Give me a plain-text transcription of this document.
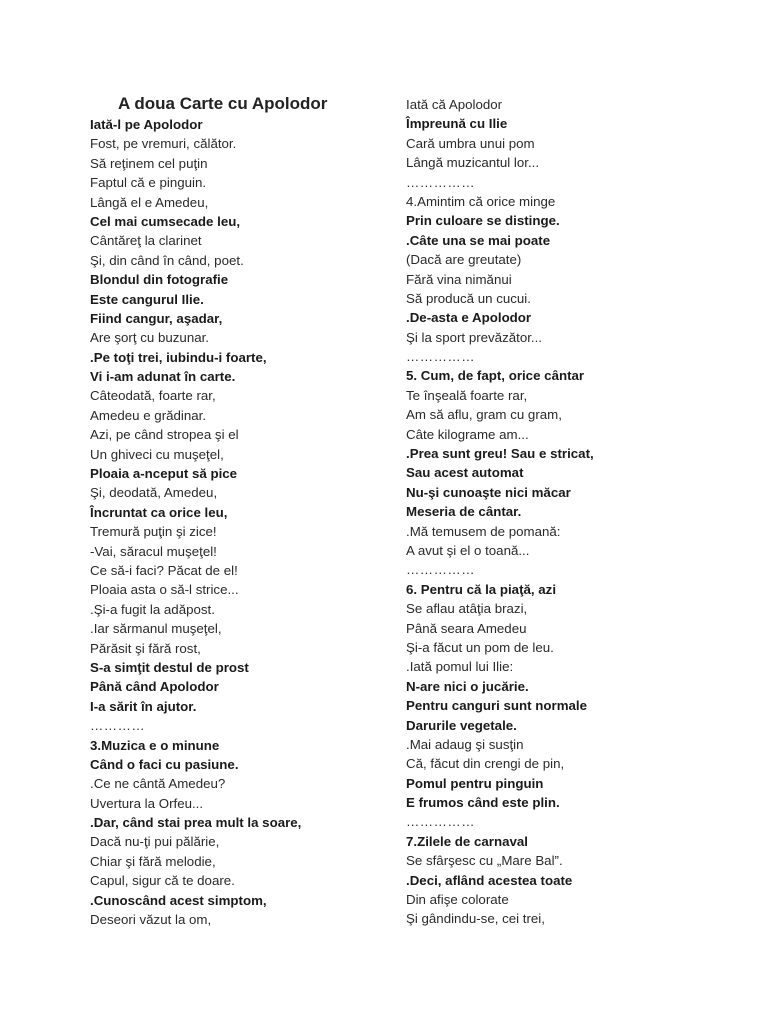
A doua Carte cu Apolodor
Iată-l pe Apolodor
Fost, pe vremuri, călător.
Să reţinem cel puţin
Faptul că e pinguin.
Lângă el e Amedeu,
Cel mai cumsecade leu,
Cântăreţ la clarinet
Şi, din când în când, poet.
Blondul din fotografie
Este cangurul Ilie.
Fiind cangur, aşadar,
Are şorţ cu buzunar.
.Pe toţi trei, iubindu-i foarte,
Vi i-am adunat în carte.
Câteodată, foarte rar,
Amedeu e grădinar.
Azi, pe când stropea şi el
Un ghiveci cu muşeţel,
Ploaia a-nceput să pice
Şi, deodată, Amedeu,
Încruntat ca orice leu,
Tremură puţin şi zice!
-Vai, săracul muşeţel!
Ce să-i faci? Păcat de el!
Ploaia asta o să-l strice...
.Şi-a fugit la adăpost.
.Iar sărmanul muşeţel,
Părăsit şi fără rost,
S-a simţit destul de prost
Până când Apolodor
I-a sărit în ajutor.
…………
3.Muzica e o minune
Când o faci cu pasiune.
.Ce ne cântă Amedeu?
Uvertura la Orfeu...
.Dar, când stai prea mult la soare,
Dacă nu-ţi pui pălărie,
Chiar şi fără melodie,
Capul, sigur că te doare.
.Cunoscând acest simptom,
Deseori văzut la om,
Iată că Apolodor
Împreună cu Ilie
Cară umbra unui pom
Lângă muzicantul lor...
……………
4.Amintim că orice minge
Prin culoare se distinge.
.Câte una se mai poate
(Dacă are greutate)
Fără vina nimănui
Să producă un cucui.
.De-asta e Apolodor
Şi la sport prevăzător...
……………
5. Cum, de fapt, orice cântar
Te înşeală foarte rar,
Am să aflu, gram cu gram,
Câte kilograme am...
.Prea sunt greu! Sau e stricat,
Sau acest automat
Nu-şi cunoaşte nici măcar
Meseria de cântar.
.Mă temusem de pomană:
A avut şi el o toană...
……………
6. Pentru că la piaţă, azi
Se aflau atâţia brazi,
Până seara Amedeu
Şi-a făcut un pom de leu.
.Iată pomul lui Ilie:
N-are nici o jucărie.
Pentru canguri sunt normale
Darurile vegetale.
.Mai adaug şi susţin
Că, făcut din crengi de pin,
Pomul pentru pinguin
E frumos când este plin.
……………
7.Zilele de carnaval
Se sfârşesc cu „Mare Bal”.
.Deci, aflând acestea toate
Din afişe colorate
Şi gândindu-se, cei trei,
